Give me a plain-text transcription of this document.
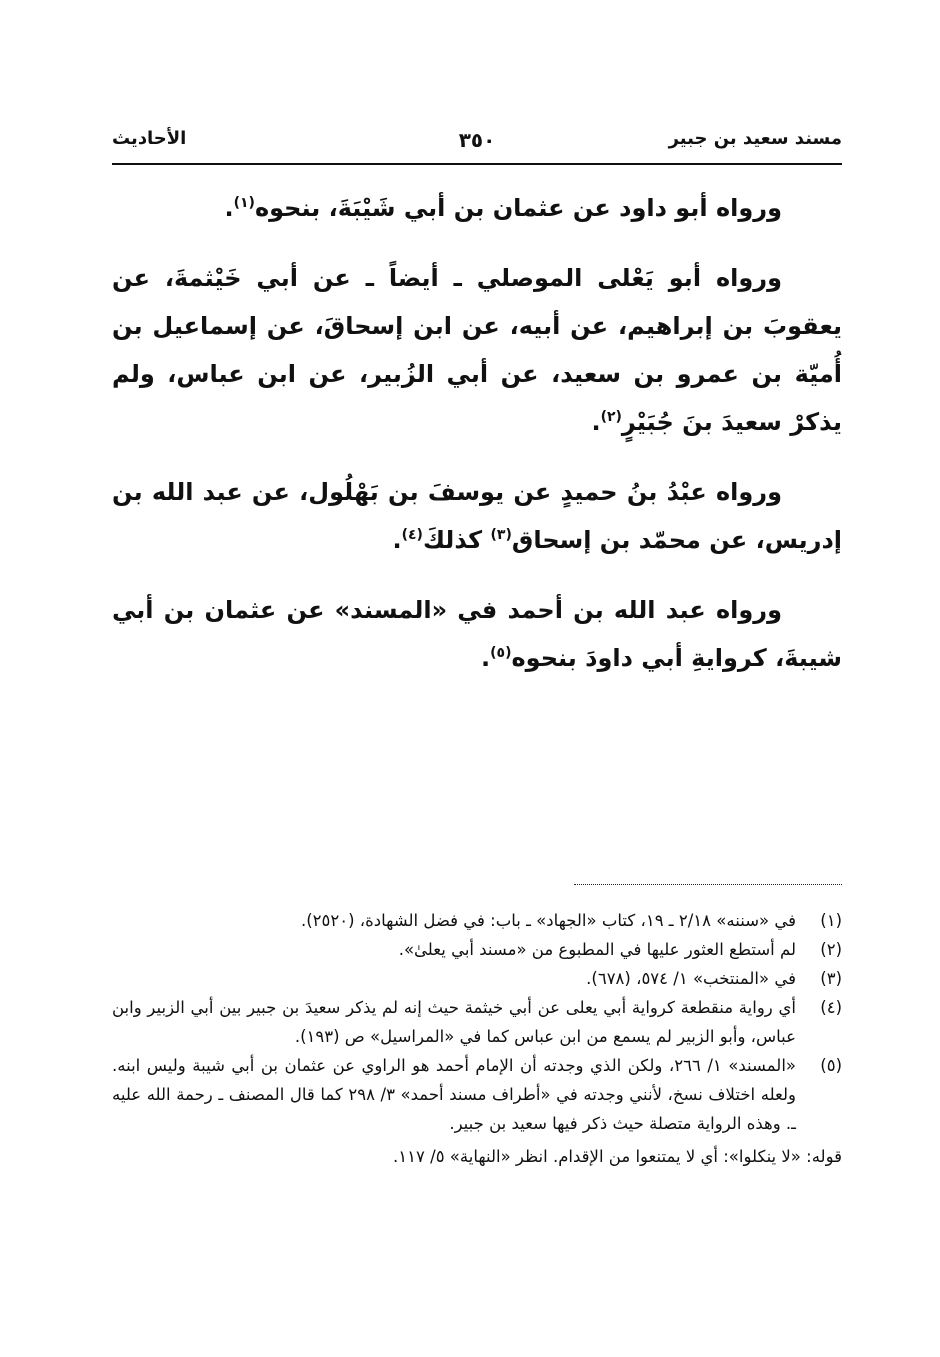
مسند سعيد بن جبير
٣٥٠
الأحاديث

ورواه أبو داود عن عثمان بن أبي شَيْبَةَ، بنحوه$^{(١)}$.

ورواه أبو يَعْلى الموصلي ـ أيضاً ـ عن أبي خَيْثمةَ، عن يعقوبَ بن إبراهيم، عن أبيه، عن ابن إسحاقَ، عن إسماعيل بن أُميّة بن عمرو بن سعيد، عن أبي الزُبير، عن ابن عباس، ولم يذكرْ سعيدَ بنَ جُبَيْرٍ$^{(٢)}$.

ورواه عبْدُ بنُ حميدٍ عن يوسفَ بن بَهْلُول، عن عبد الله بن إدريس، عن محمّد بن إسحاق$^{(٣)}$ كذلكَ$^{(٤)}$.

ورواه عبد الله بن أحمد في «المسند» عن عثمان بن أبي شيبةَ، كروايةِ أبي داودَ بنحوه$^{(٥)}$.

(١)
في «سننه» ٢/١٨ ـ ١٩، كتاب «الجهاد» ـ باب: في فضل الشهادة، (٢٥٢٠).
(٢)
لم أستطع العثور عليها في المطبوع من «مسند أبي يعلىٰ».
(٣)
في «المنتخب» ١/ ٥٧٤، (٦٧٨).
(٤)
أي رواية منقطعة كرواية أبي يعلى عن أبي خيثمة حيث إنه لم يذكر سعيدَ بن جبير بين أبي الزبير وابن عباس، وأبو الزبير لم يسمع من ابن عباس كما في «المراسيل» ص (١٩٣).
(٥)
«المسند» ١/ ٢٦٦، ولكن الذي وجدته أن الإمام أحمد هو الراوي عن عثمان بن أبي شيبة وليس ابنه. ولعله اختلاف نسخ، لأنني وجدته في «أطراف مسند أحمد» ٣/ ٢٩٨ كما قال المصنف ـ رحمة الله عليه ـ. وهذه الرواية متصلة حيث ذكر فيها سعيد بن جبير.
قوله: «لا ينكلوا»: أي لا يمتنعوا من الإقدام. انظر «النهاية» ٥/ ١١٧.
